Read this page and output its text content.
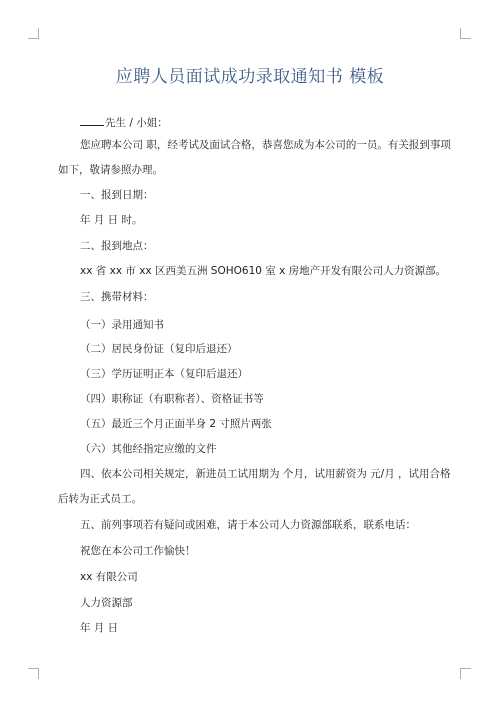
应聘人员面试成功录取通知书 模板
先生 / 小姐：
您应聘本公司 职，经考试及面试合格，恭喜您成为本公司的一员。有关报到事项
如下，敬请参照办理。
一、报到日期：
年 月 日 时。
二、报到地点：
xx 省 xx 市 xx 区西美五洲 SOHO610 室 x 房地产开发有限公司人力资源部。
三、携带材料：
（一）录用通知书
（二）居民身份证（复印后退还）
（三）学历证明正本（复印后退还）
（四）职称证（有职称者）、资格证书等
（五）最近三个月正面半身 2 寸照片两张
（六）其他经指定应缴的文件
四、依本公司相关规定，新进员工试用期为 个月，试用薪资为 元/月 ，试用合格
后转为正式员工。
五、前列事项若有疑问或困难，请于本公司人力资源部联系，联系电话：
祝您在本公司工作愉快！
xx 有限公司
人力资源部
年 月 日
